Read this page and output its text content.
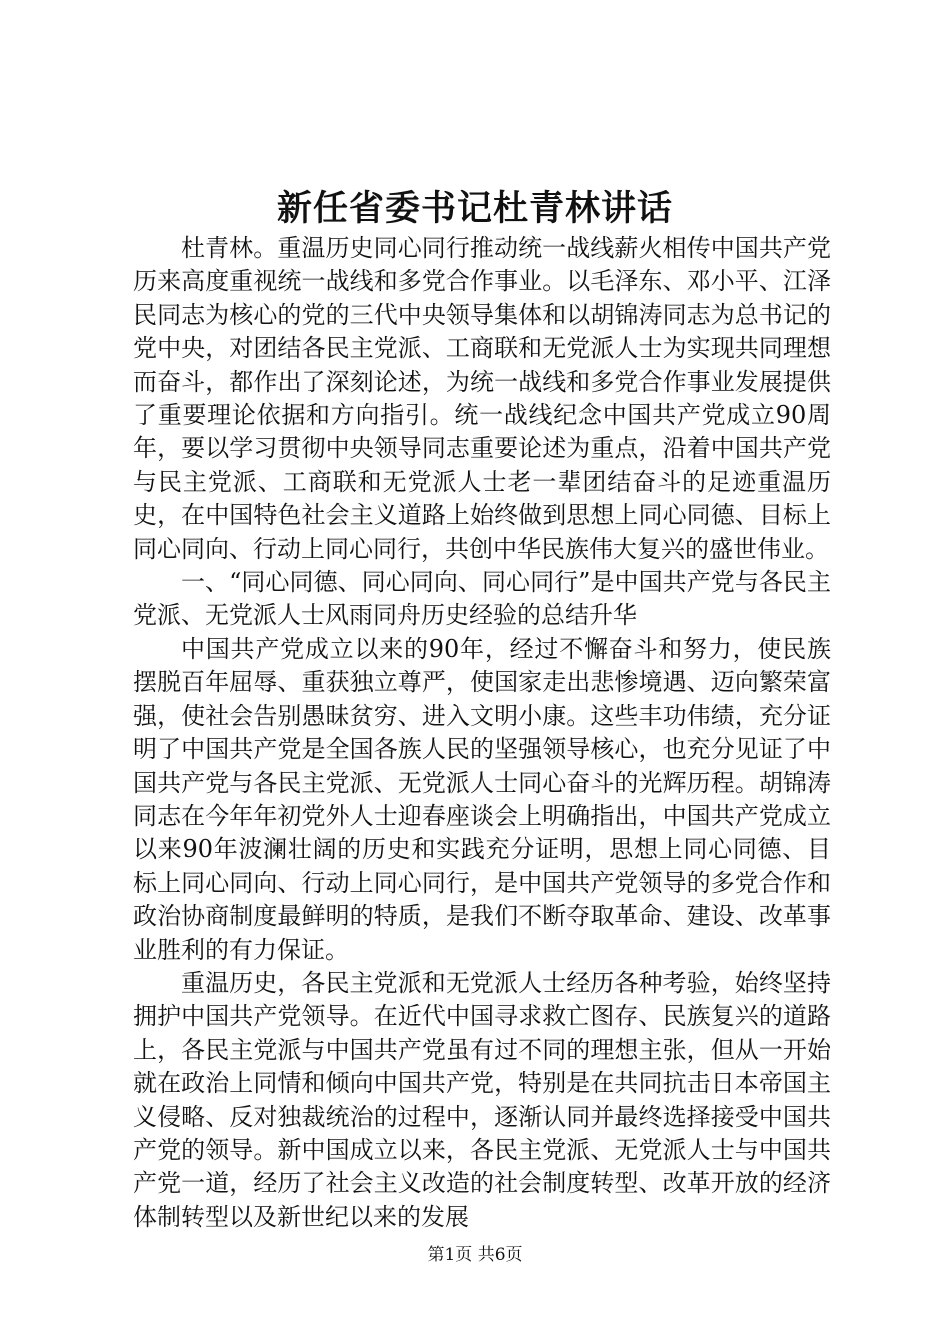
新任省委书记杜青林讲话

杜青林。重温历史同心同行推动统一战线薪火相传中国共产党历来高度重视统一战线和多党合作事业。以毛泽东、邓小平、江泽民同志为核心的党的三代中央领导集体和以胡锦涛同志为总书记的党中央，对团结各民主党派、工商联和无党派人士为实现共同理想而奋斗，都作出了深刻论述，为统一战线和多党合作事业发展提供了重要理论依据和方向指引。统一战线纪念中国共产党成立90周年，要以学习贯彻中央领导同志重要论述为重点，沿着中国共产党与民主党派、工商联和无党派人士老一辈团结奋斗的足迹重温历史，在中国特色社会主义道路上始终做到思想上同心同德、目标上同心同向、行动上同心同行，共创中华民族伟大复兴的盛世伟业。

一、“同心同德、同心同向、同心同行”是中国共产党与各民主党派、无党派人士风雨同舟历史经验的总结升华

中国共产党成立以来的90年，经过不懈奋斗和努力，使民族摆脱百年屈辱、重获独立尊严，使国家走出悲惨境遇、迈向繁荣富强，使社会告别愚昧贫穷、进入文明小康。这些丰功伟绩，充分证明了中国共产党是全国各族人民的坚强领导核心，也充分见证了中国共产党与各民主党派、无党派人士同心奋斗的光辉历程。胡锦涛同志在今年年初党外人士迎春座谈会上明确指出，中国共产党成立以来90年波澜壮阔的历史和实践充分证明，思想上同心同德、目标上同心同向、行动上同心同行，是中国共产党领导的多党合作和政治协商制度最鲜明的特质，是我们不断夺取革命、建设、改革事业胜利的有力保证。

重温历史，各民主党派和无党派人士经历各种考验，始终坚持拥护中国共产党领导。在近代中国寻求救亡图存、民族复兴的道路上，各民主党派与中国共产党虽有过不同的理想主张，但从一开始就在政治上同情和倾向中国共产党，特别是在共同抗击日本帝国主义侵略、反对独裁统治的过程中，逐渐认同并最终选择接受中国共产党的领导。新中国成立以来，各民主党派、无党派人士与中国共产党一道，经历了社会主义改造的社会制度转型、改革开放的经济体制转型以及新世纪以来的发展

第1页 共6页
